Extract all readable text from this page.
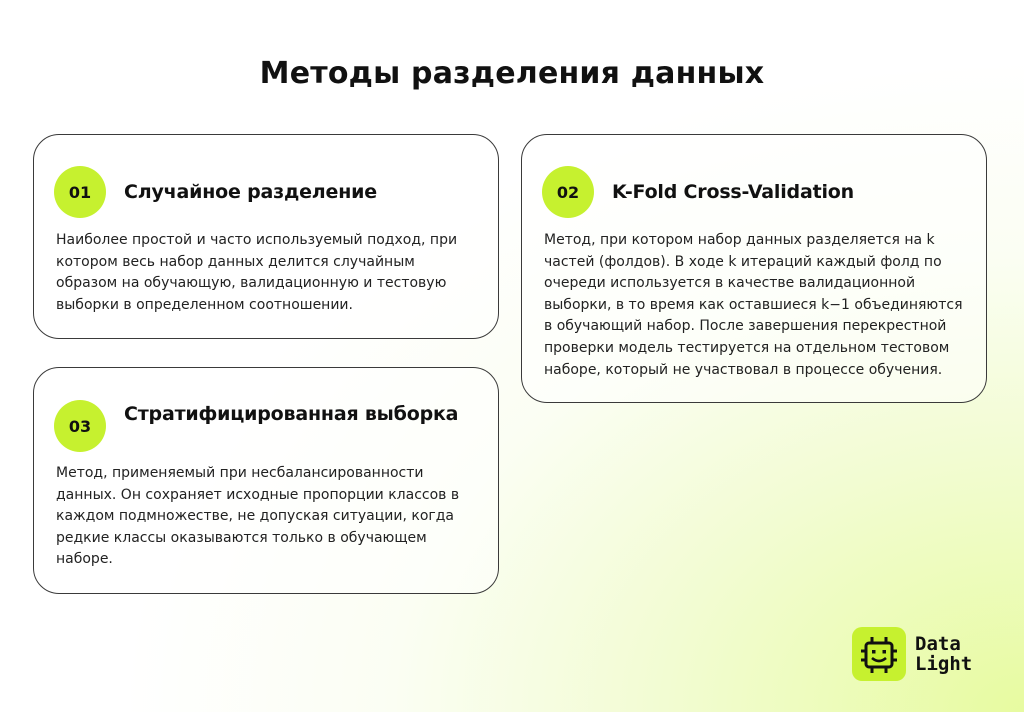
Методы разделения данных
01	Случайное разделение
Наиболее простой и часто используемый подход, при котором весь набор данных делится случайным образом на обучающую, валидационную и тестовую выборки в определенном соотношении.
02	K-Fold Cross-Validation
Метод, при котором набор данных разделяется на k частей (фолдов). В ходе k итераций каждый фолд по очереди используется в качестве валидационной выборки, в то время как оставшиеся k−1 объединяются в обучающий набор. После завершения перекрестной проверки модель тестируется на отдельном тестовом наборе, который не участвовал в процессе обучения.
03
Стратифицированная выборка
Метод, применяемый при несбалансированности данных. Он сохраняет исходные пропорции классов в каждом подмножестве, не допуская ситуации, когда редкие классы оказываются только в обучающем наборе.
Data
Light
